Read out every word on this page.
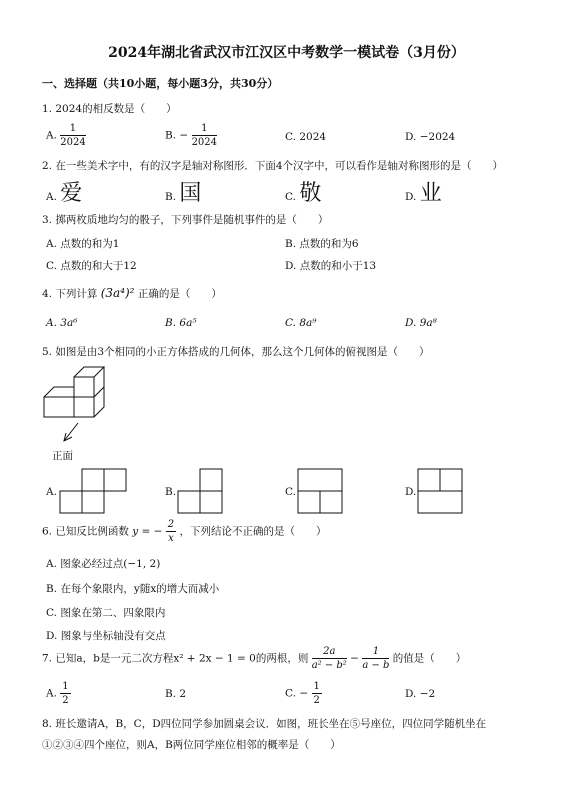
2024年湖北省武汉市江汉区中考数学一模试卷（3月份）
一、选择题（共10小题，每小题3分，共30分）
1. 2024的相反数是（　　）
A. $\frac{1}{2024}$	B. − $\frac{1}{2024}$	C. 2024	D. −2024
2. 在一些美术字中，有的汉字是轴对称图形．下面4个汉字中，可以看作是轴对称图形的是（　　）
A. 爱	B. 国	C. 敬	D. 业
3. 掷两枚质地均匀的骰子，下列事件是随机事件的是（　　）
A. 点数的和为1	B. 点数的和为6
C. 点数的和大于12	D. 点数的和小于13
4. 下列计算 (3a⁴)² 正确的是（　　）
A. 3a⁶	B. 6a⁵	C. 8a⁹	D. 9a⁸
5. 如图是由3个相同的小正方体搭成的几何体，那么这个几何体的俯视图是（　　）
正面
A.	B.	C.	D.
6. 已知反比例函数 y = − $\frac{2}{x}$ ，下列结论不正确的是（　　）
A. 图象必经过点(−1, 2)
B. 在每个象限内，y随x的增大而减小
C. 图象在第二、四象限内
D. 图象与坐标轴没有交点
7. 已知a，b是一元二次方程x² + 2x − 1 = 0的两根，则 $\frac{2a}{\text{a² − b²}} - \frac{1}{a - b}$ 的值是（　　）
A. $\frac{1}{2}$	B. 2	C. − $\frac{1}{2}$	D. −2
8. 班长邀请A，B，C，D四位同学参加圆桌会议．如图，班长坐在⑤号座位，四位同学随机坐在
①②③④四个座位，则A，B两位同学座位相邻的概率是（　　）
